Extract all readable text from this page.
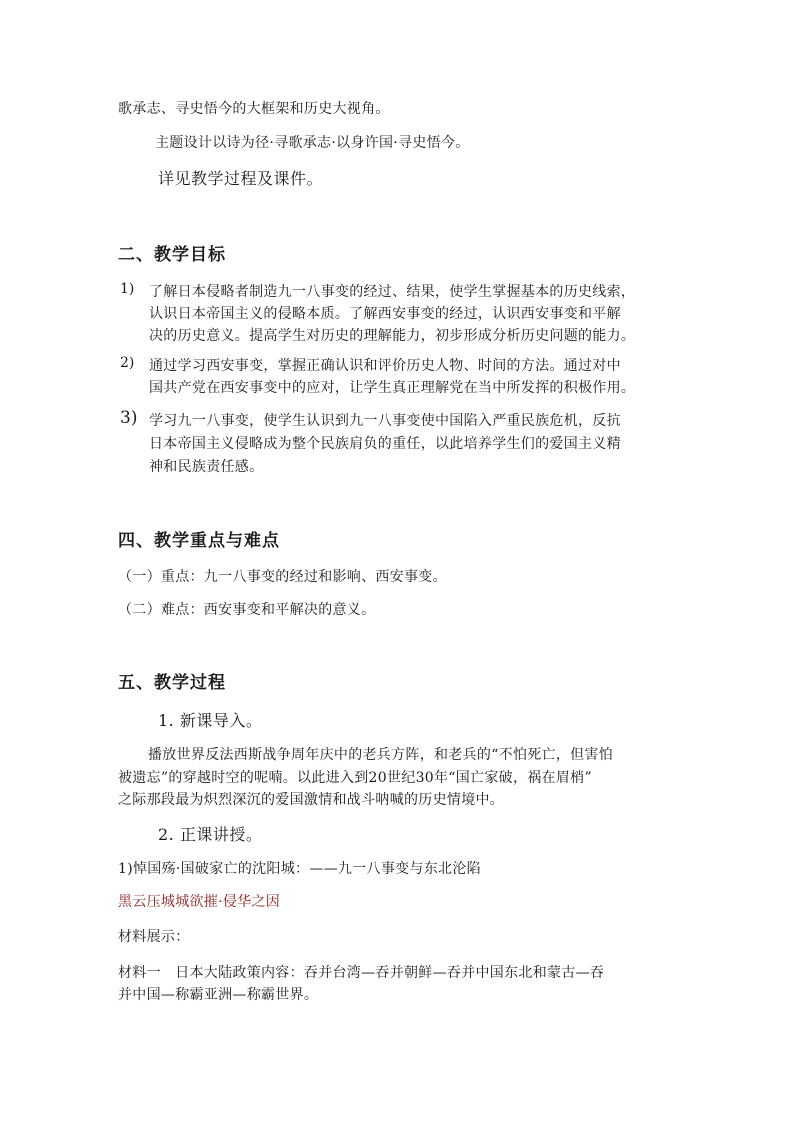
歌承志、寻史悟今的大框架和历史大视角。
主题设计以诗为径·寻歌承志·以身许国·寻史悟今。
详见教学过程及课件。
二、教学目标
1) 了解日本侵略者制造九一八事变的经过、结果，使学生掌握基本的历史线索，
认识日本帝国主义的侵略本质。了解西安事变的经过，认识西安事变和平解
决的历史意义。提高学生对历史的理解能力，初步形成分析历史问题的能力。
2) 通过学习西安事变，掌握正确认识和评价历史人物、时间的方法。通过对中
国共产党在西安事变中的应对，让学生真正理解党在当中所发挥的积极作用。
3) 学习九一八事变，使学生认识到九一八事变使中国陷入严重民族危机，反抗
日本帝国主义侵略成为整个民族肩负的重任，以此培养学生们的爱国主义精
神和民族责任感。
四、教学重点与难点
（一）重点：九一八事变的经过和影响、西安事变。
（二）难点：西安事变和平解决的意义。
五、教学过程
1. 新课导入。
播放世界反法西斯战争周年庆中的老兵方阵，和老兵的“不怕死亡，但害怕
被遗忘”的穿越时空的呢喃。以此进入到20世纪30年“国亡家破，祸在眉梢”
之际那段最为炽烈深沉的爱国激情和战斗呐喊的历史情境中。
2. 正课讲授。
1)悼国殇·国破家亡的沈阳城：——九一八事变与东北沦陷
黑云压城城欲摧·侵华之因
材料展示：
材料一　日本大陆政策内容：吞并台湾—吞并朝鲜—吞并中国东北和蒙古—吞
并中国—称霸亚洲—称霸世界。
